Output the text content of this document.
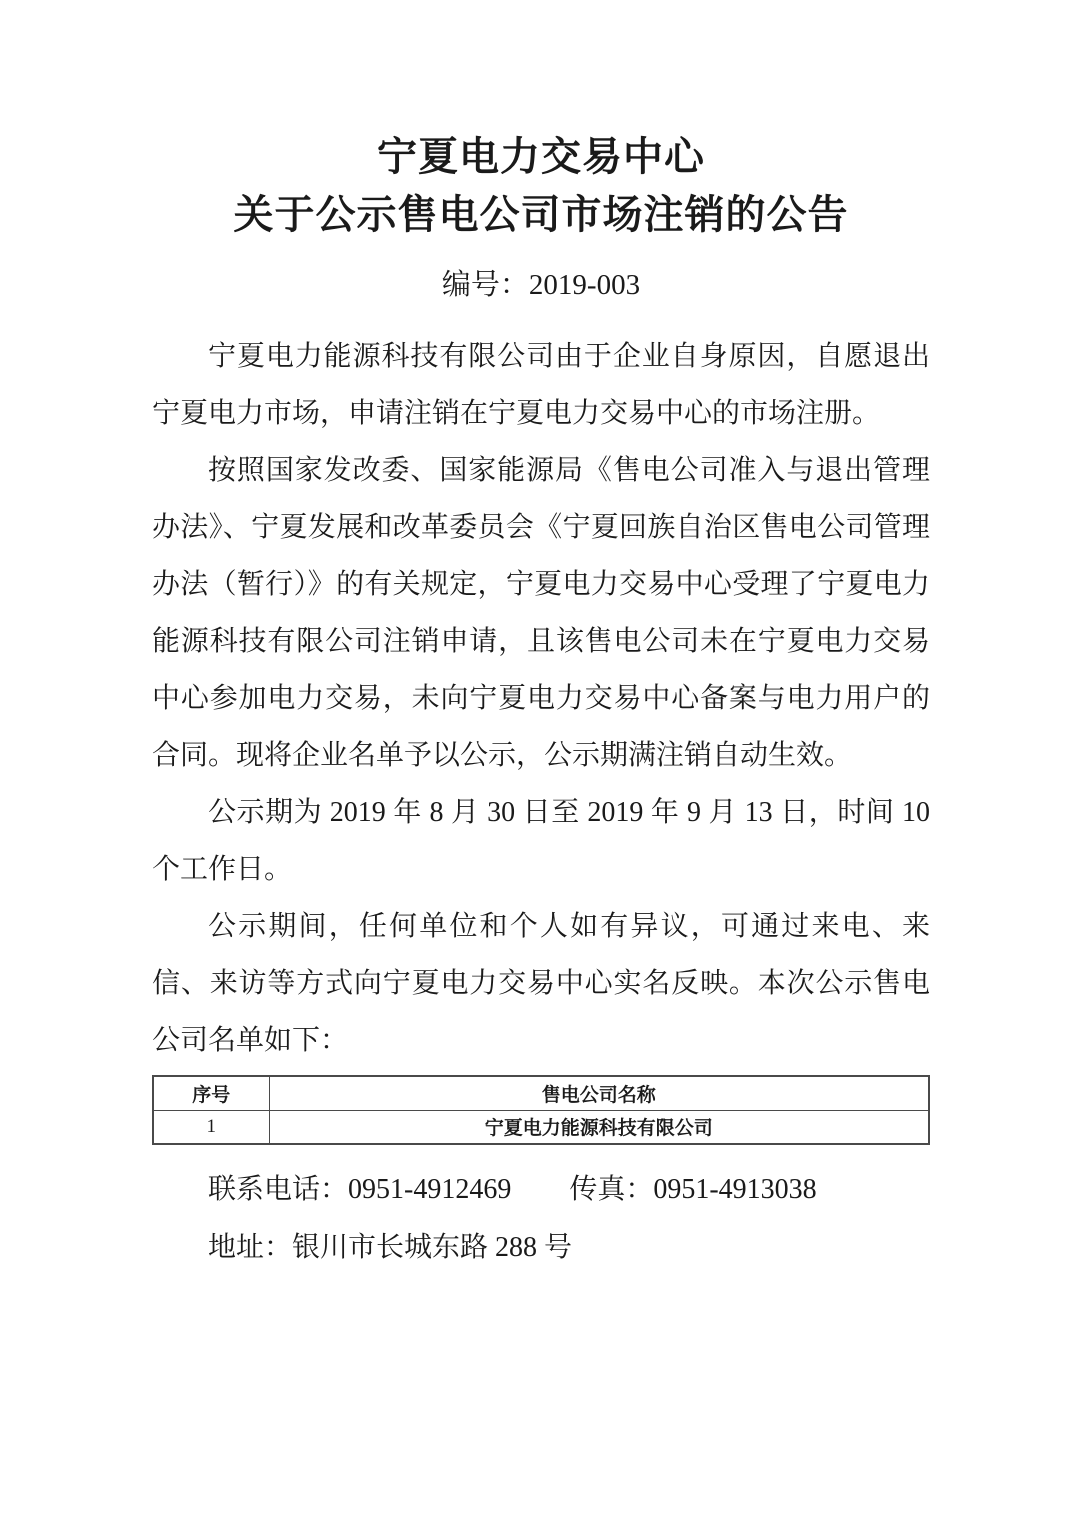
宁夏电力交易中心
关于公示售电公司市场注销的公告
编号：2019-003

宁夏电力能源科技有限公司由于企业自身原因，自愿退出宁夏电力市场，申请注销在宁夏电力交易中心的市场注册。

按照国家发改委、国家能源局《售电公司准入与退出管理办法》、宁夏发展和改革委员会《宁夏回族自治区售电公司管理办法（暂行）》的有关规定，宁夏电力交易中心受理了宁夏电力能源科技有限公司注销申请，且该售电公司未在宁夏电力交易中心参加电力交易，未向宁夏电力交易中心备案与电力用户的合同。现将企业名单予以公示，公示期满注销自动生效。

公示期为 2019 年 8 月 30 日至 2019 年 9 月 13 日，时间 10 个工作日。

公示期间，任何单位和个人如有异议，可通过来电、来信、来访等方式向宁夏电力交易中心实名反映。本次公示售电公司名单如下：

序号	售电公司名称
1	宁夏电力能源科技有限公司
联系电话：0951-4912469 传真：0951-4913038
地址：银川市长城东路 288 号
